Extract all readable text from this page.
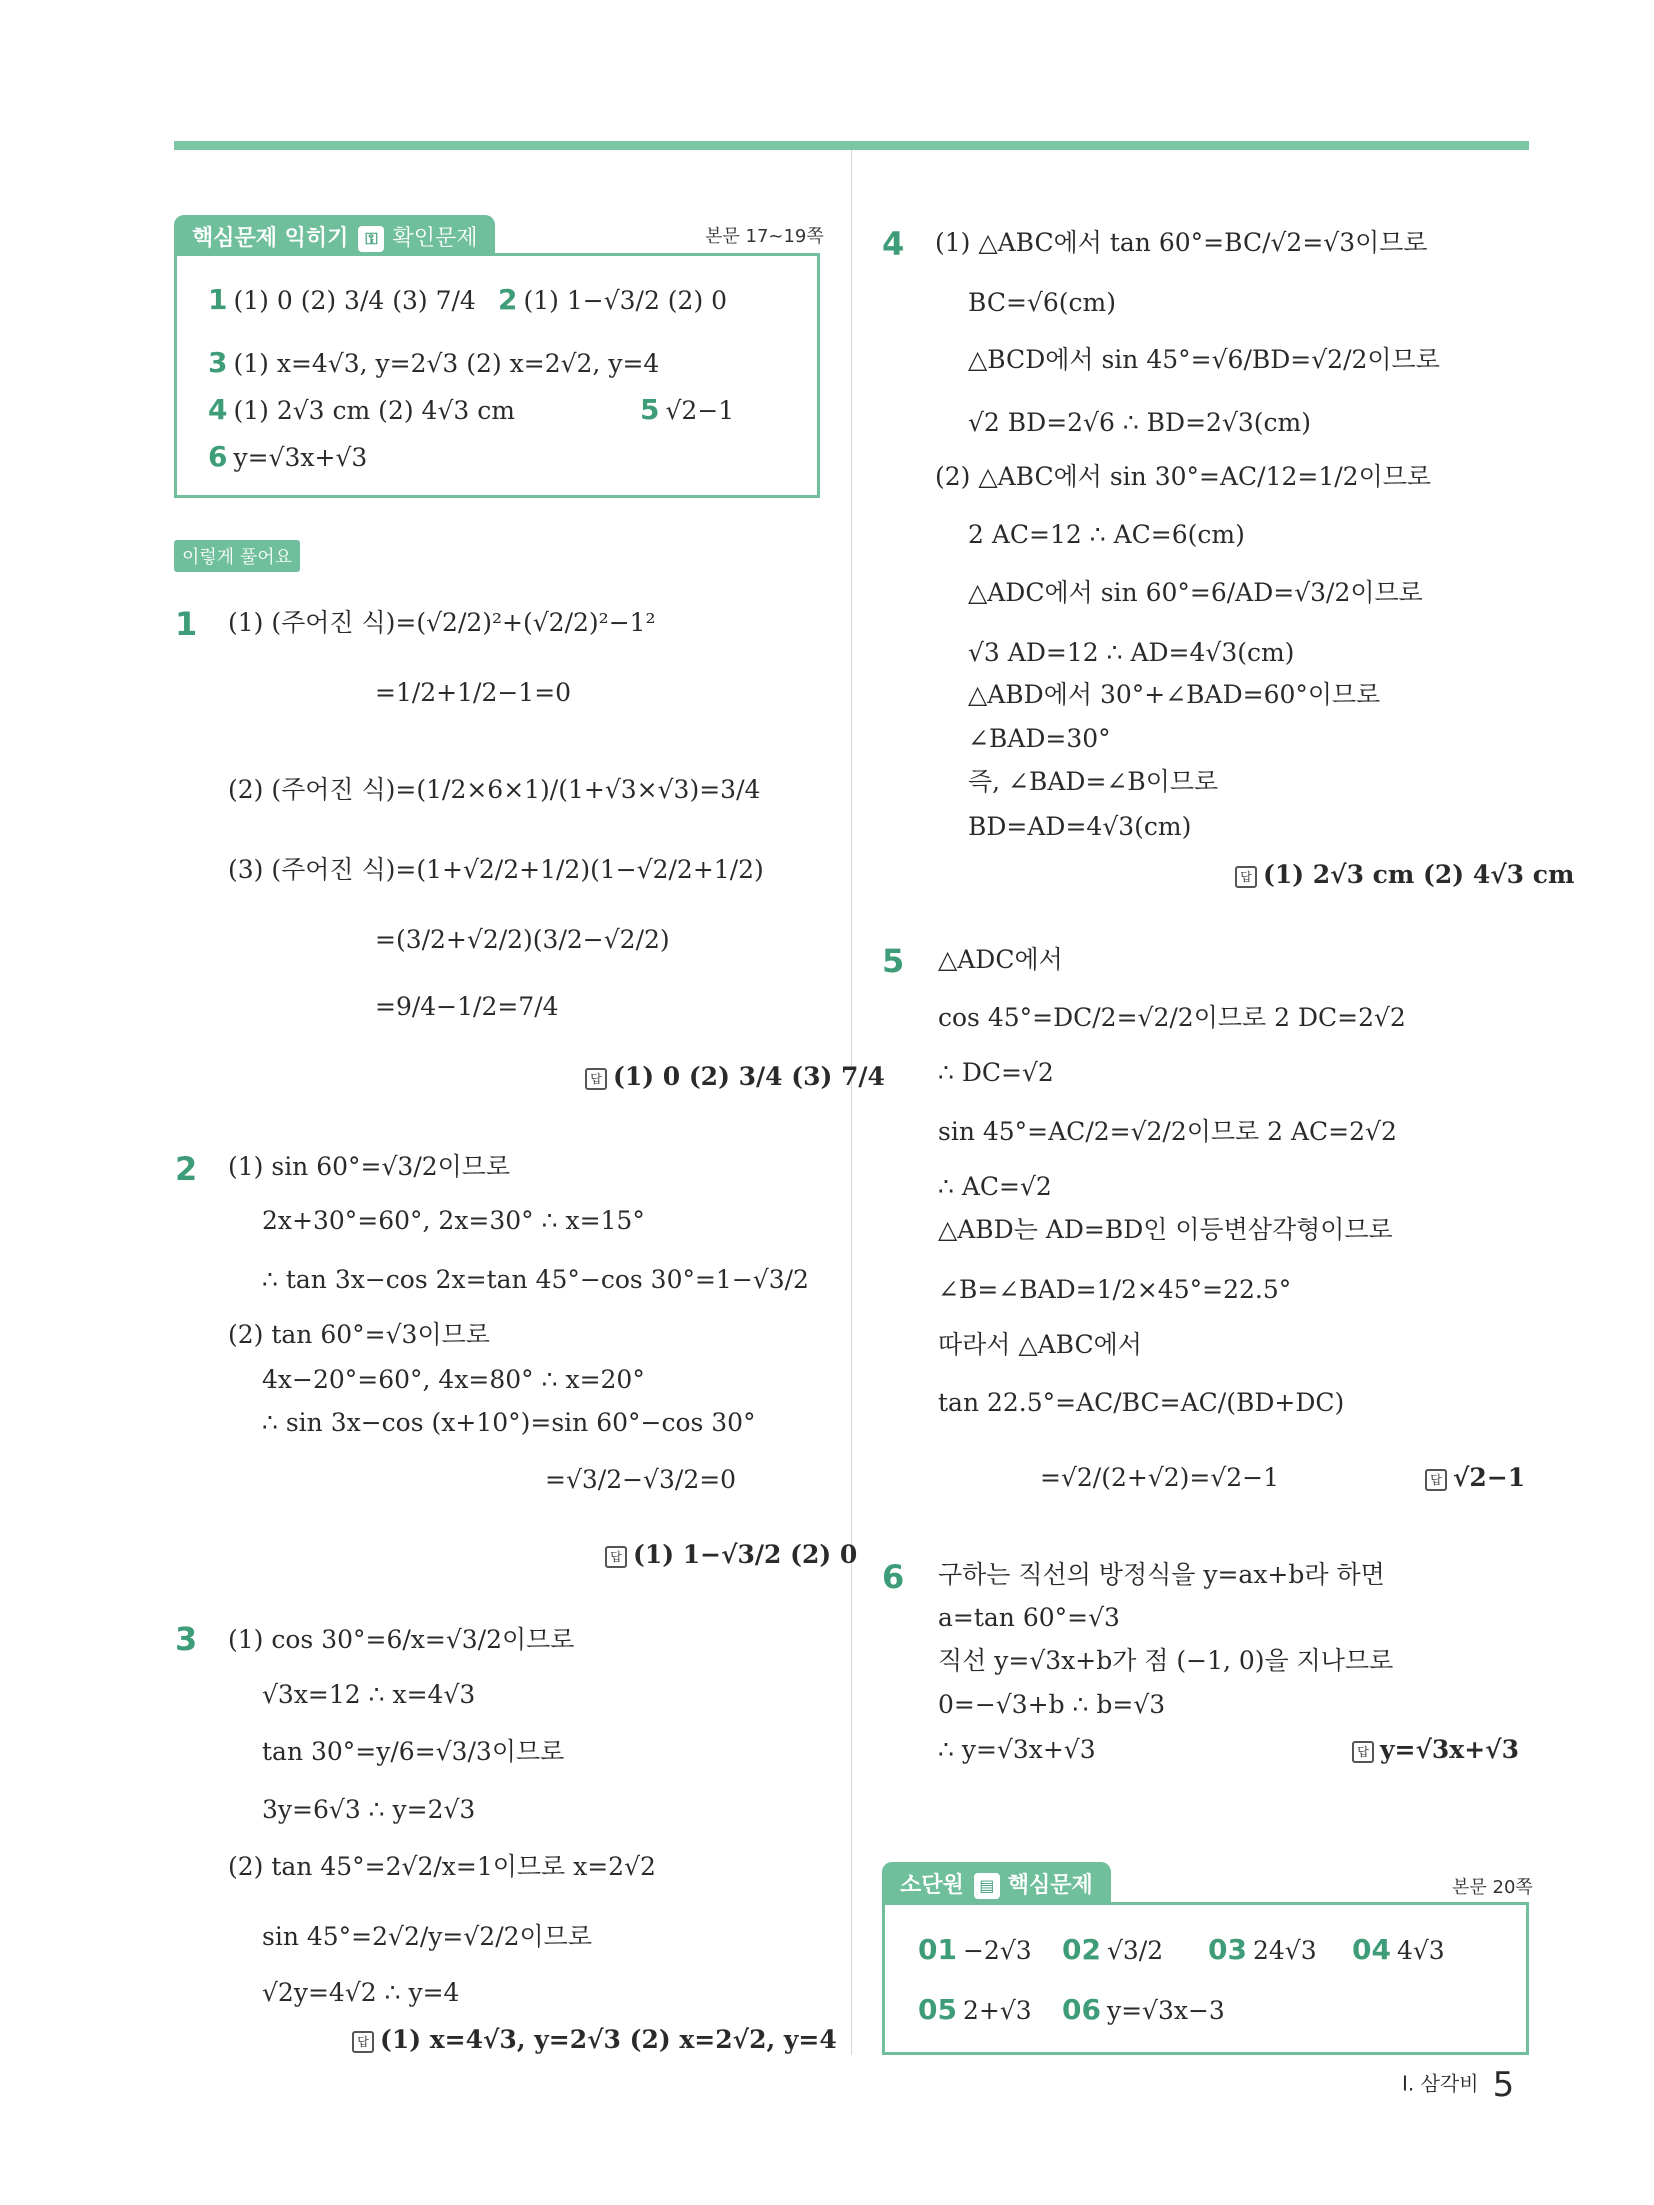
핵심문제 익히기 ⚿ 확인문제	본문 17~19쪽
1 (1) 0 (2) 3/4 (3) 7/4 2 (1) 1−√3/2 (2) 0
3 (1) x=4√3, y=2√3 (2) x=2√2, y=4
4 (1) 2√3 cm (2) 4√3 cm	5 √2−1
6 y=√3x+√3
이렇게 풀어요
1 (1) (주어진 식)=(√2/2)²+(√2/2)²−1²
=1/2+1/2−1=0
(2) (주어진 식)=(1/2×6×1)/(1+√3×√3)=3/4
(3) (주어진 식)=(1+√2/2+1/2)(1−√2/2+1/2)
=(3/2+√2/2)(3/2−√2/2)
=9/4−1/2=7/4
답 (1) 0 (2) 3/4 (3) 7/4
2 (1) sin 60°=√3/2이므로
2x+30°=60°, 2x=30° ∴ x=15°
∴ tan 3x−cos 2x=tan 45°−cos 30°=1−√3/2
(2) tan 60°=√3이므로
4x−20°=60°, 4x=80° ∴ x=20°
∴ sin 3x−cos (x+10°)=sin 60°−cos 30°
=√3/2−√3/2=0
답 (1) 1−√3/2 (2) 0
3 (1) cos 30°=6/x=√3/2이므로
√3x=12 ∴ x=4√3
tan 30°=y/6=√3/3이므로
3y=6√3 ∴ y=2√3
(2) tan 45°=2√2/x=1이므로 x=2√2
sin 45°=2√2/y=√2/2이므로
√2y=4√2 ∴ y=4
답 (1) x=4√3, y=2√3 (2) x=2√2, y=4
4 (1) △ABC에서 tan 60°=BC/√2=√3이므로
BC=√6(cm)
△BCD에서 sin 45°=√6/BD=√2/2이므로
√2 BD=2√6 ∴ BD=2√3(cm)
(2) △ABC에서 sin 30°=AC/12=1/2이므로
2 AC=12 ∴ AC=6(cm)
△ADC에서 sin 60°=6/AD=√3/2이므로
√3 AD=12 ∴ AD=4√3(cm)
△ABD에서 30°+∠BAD=60°이므로
∠BAD=30°
즉, ∠BAD=∠B이므로
BD=AD=4√3(cm)
답 (1) 2√3 cm (2) 4√3 cm
5 △ADC에서
cos 45°=DC/2=√2/2이므로 2 DC=2√2
∴ DC=√2
sin 45°=AC/2=√2/2이므로 2 AC=2√2
∴ AC=√2
△ABD는 AD=BD인 이등변삼각형이므로
∠B=∠BAD=1/2×45°=22.5°
따라서 △ABC에서
tan 22.5°=AC/BC=AC/(BD+DC)
=√2/(2+√2)=√2−1	답 √2−1
6 구하는 직선의 방정식을 y=ax+b라 하면
a=tan 60°=√3
직선 y=√3x+b가 점 (−1, 0)을 지나므로
0=−√3+b ∴ b=√3
∴ y=√3x+√3	답 y=√3x+√3
소단원 ▤ 핵심문제	본문 20쪽
01 −2√3 02 √3/2 03 24√3 04 4√3
05 2+√3 06 y=√3x−3
I. 삼각비 5
